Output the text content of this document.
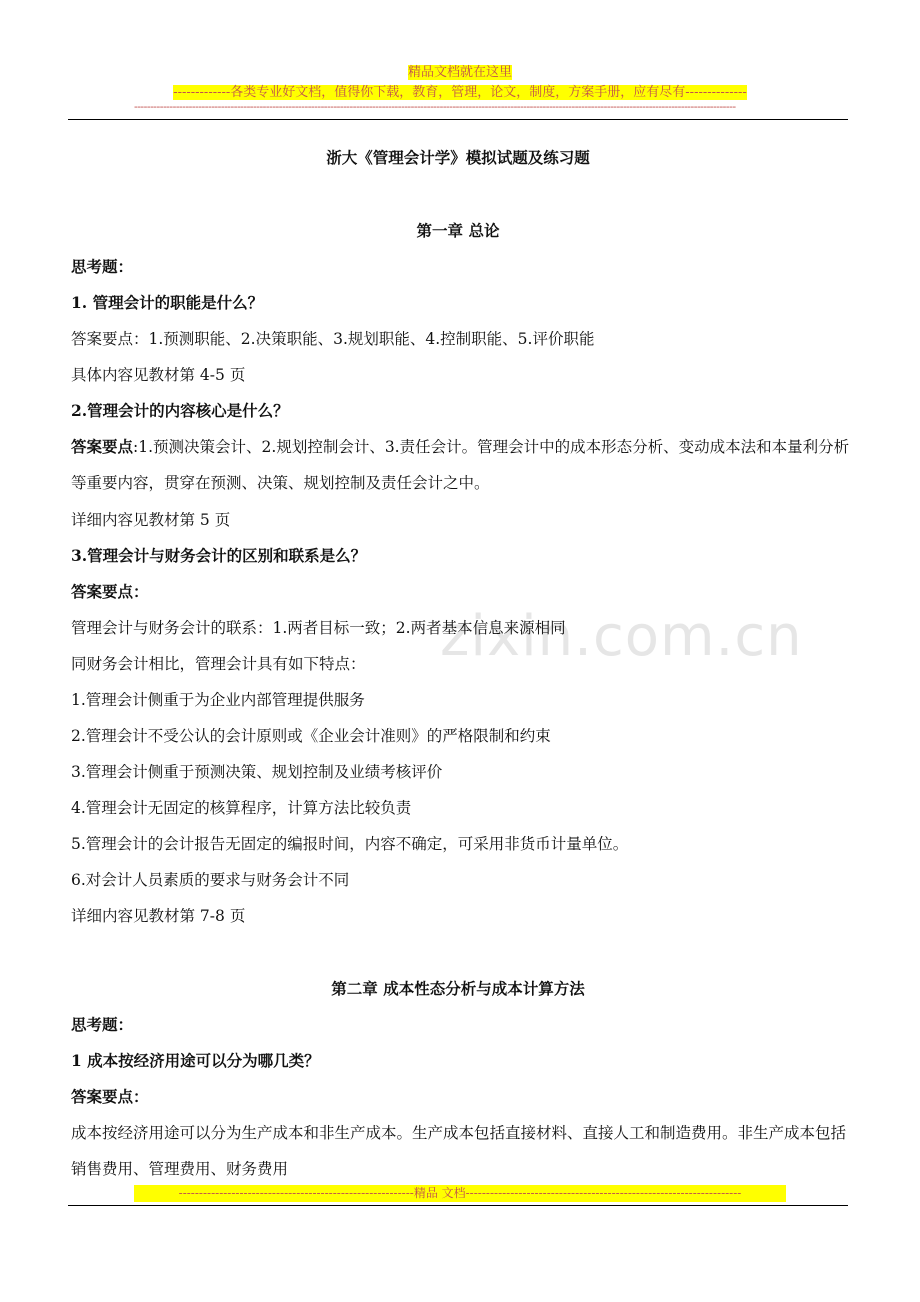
精品文档就在这里
-------------各类专业好文档，值得你下载，教育，管理，论文，制度，方案手册，应有尽有--------------
-------------------------------------------------------------------------------------------------------------------------------------------------------------------------------------------
zixin.com.cn
浙大《管理会计学》模拟试题及练习题
第一章 总论
思考题：
1. 管理会计的职能是什么？
答案要点：1.预测职能、2.决策职能、3.规划职能、4.控制职能、5.评价职能
具体内容见教材第 4-5 页
2.管理会计的内容核心是什么？
答案要点:1.预测决策会计、2.规划控制会计、3.责任会计。管理会计中的成本形态分析、变动成本法和本量利分析等重要内容，贯穿在预测、决策、规划控制及责任会计之中。
详细内容见教材第 5 页
3.管理会计与财务会计的区别和联系是么？
答案要点：
管理会计与财务会计的联系：1.两者目标一致；2.两者基本信息来源相同
同财务会计相比，管理会计具有如下特点：
1.管理会计侧重于为企业内部管理提供服务
2.管理会计不受公认的会计原则或《企业会计准则》的严格限制和约束
3.管理会计侧重于预测决策、规划控制及业绩考核评价
4.管理会计无固定的核算程序，计算方法比较负责
5.管理会计的会计报告无固定的编报时间，内容不确定，可采用非货币计量单位。
6.对会计人员素质的要求与财务会计不同
详细内容见教材第 7-8 页
第二章 成本性态分析与成本计算方法
思考题：
1 成本按经济用途可以分为哪几类？
答案要点：
成本按经济用途可以分为生产成本和非生产成本。生产成本包括直接材料、直接人工和制造费用。非生产成本包括销售费用、管理费用、财务费用
----------------------------------------------------------精品 文档--------------------------------------------------------------------
